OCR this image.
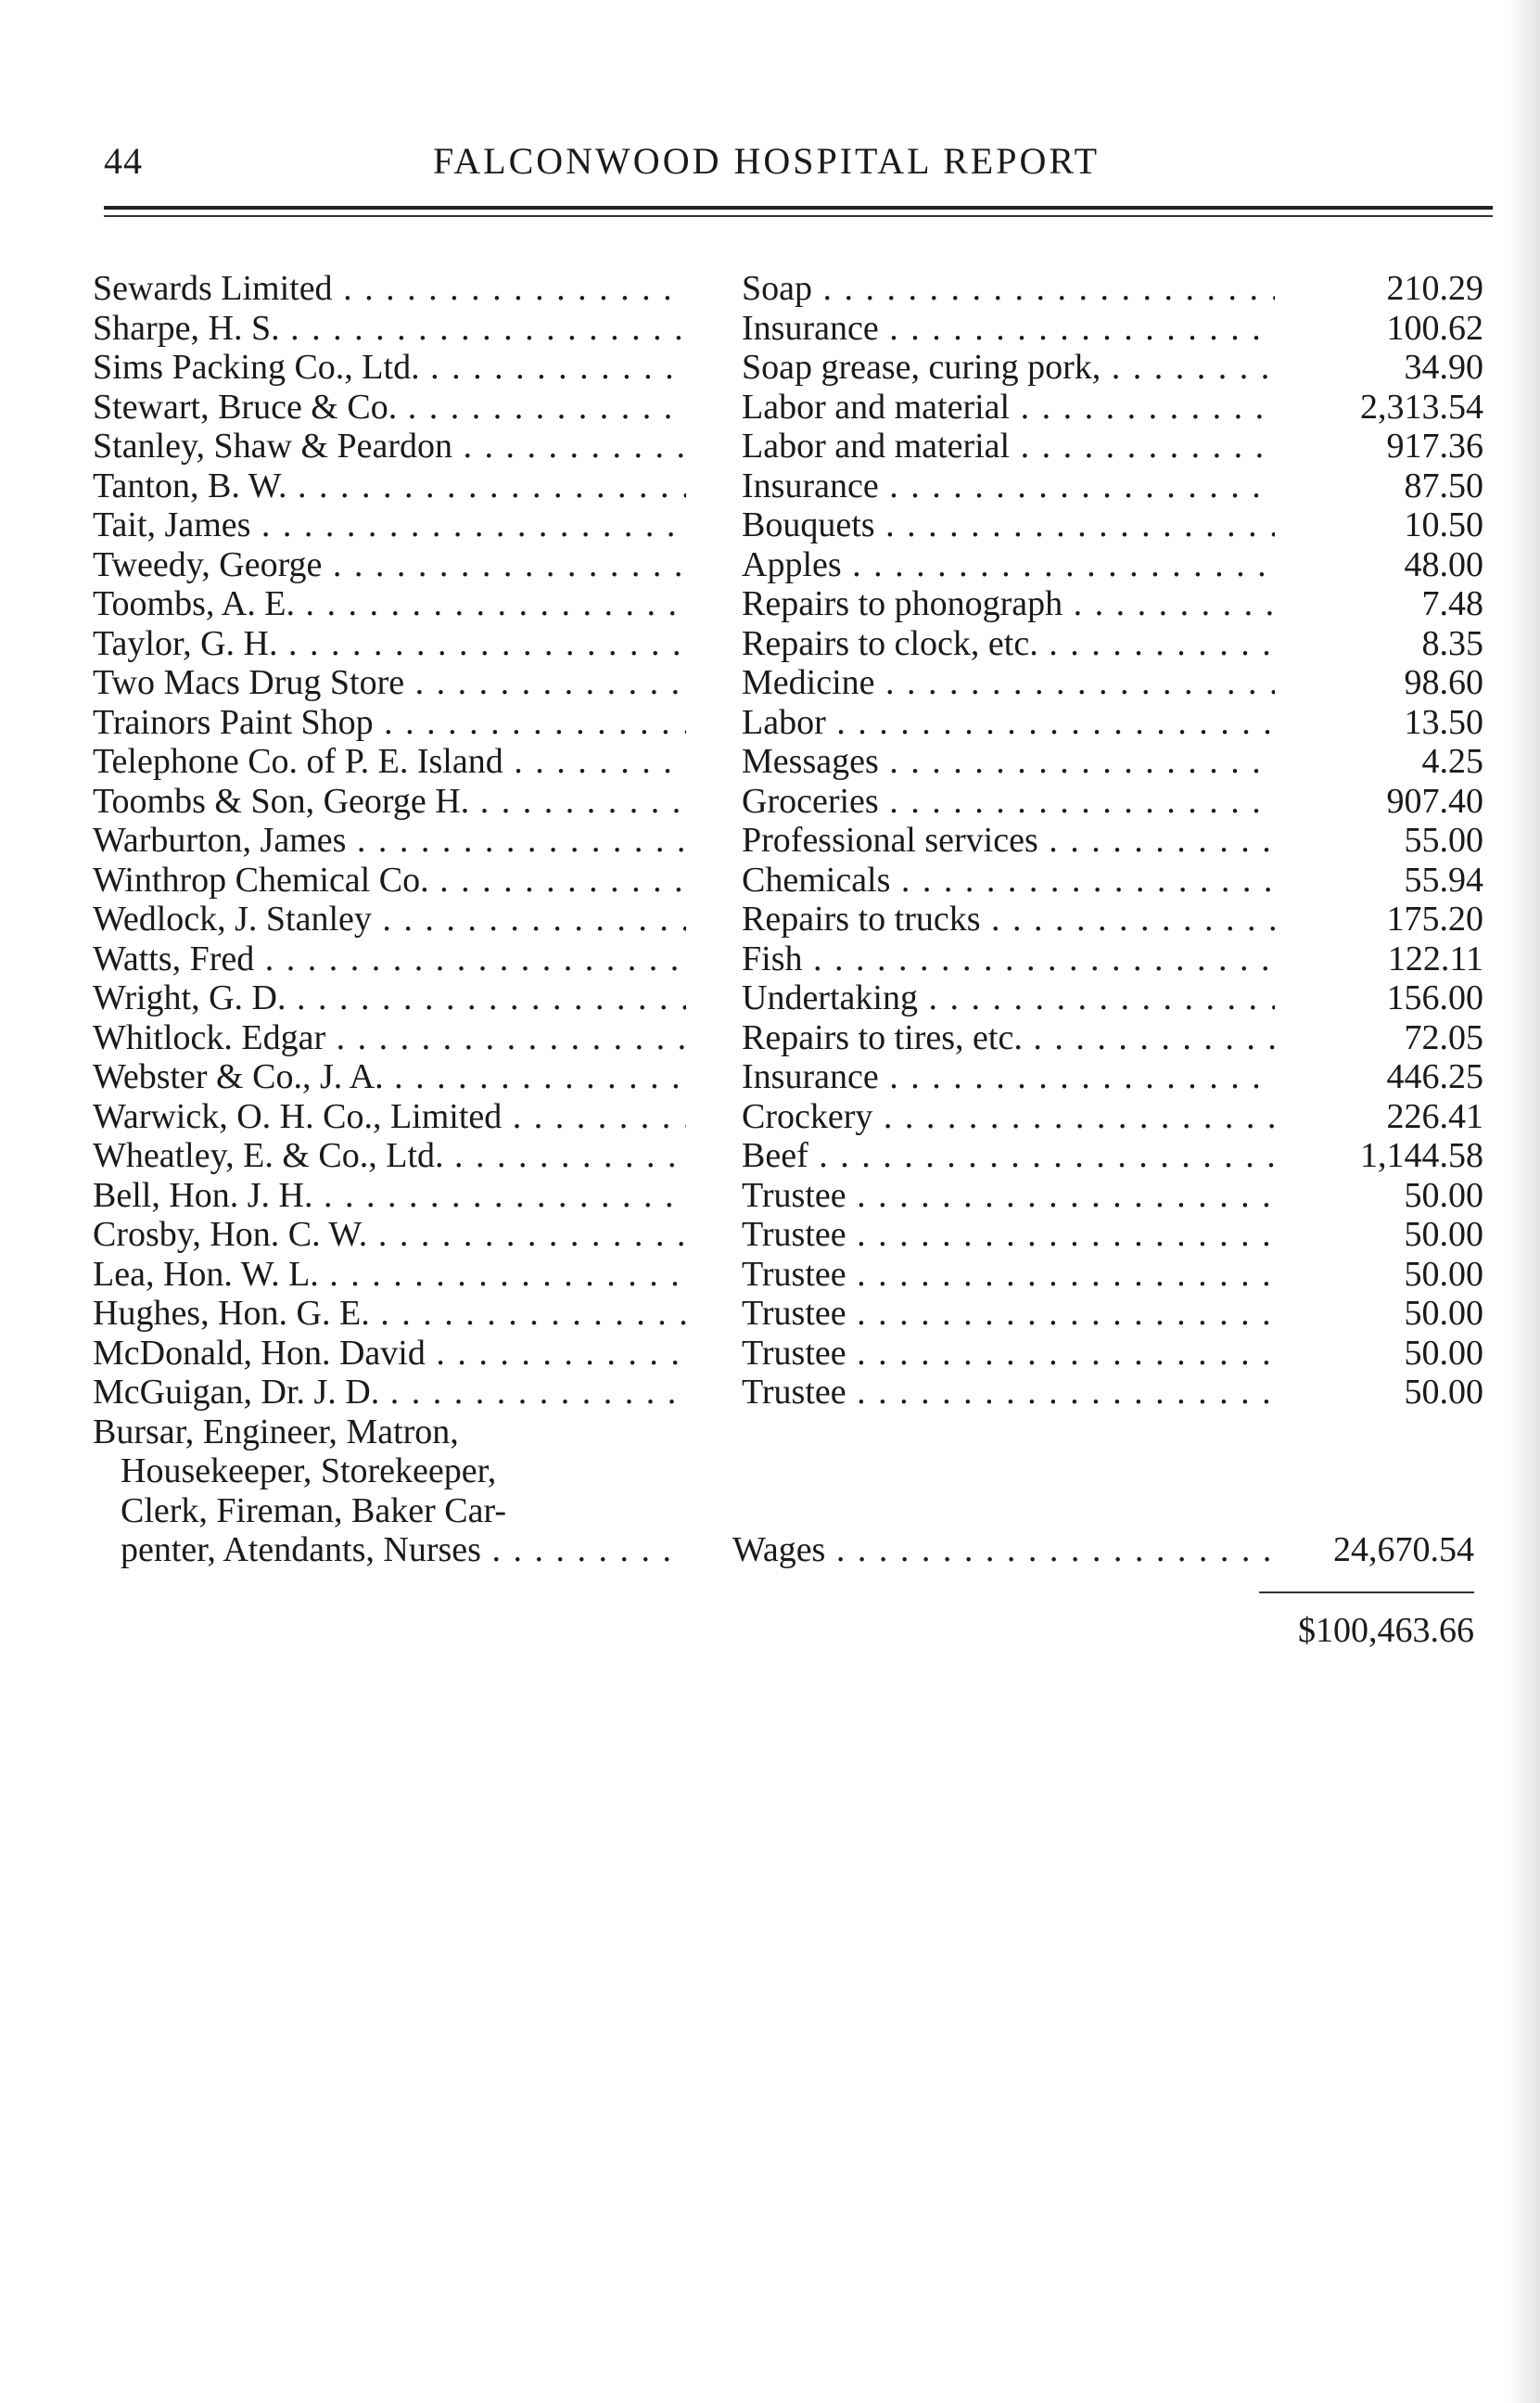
44	FALCONWOOD HOSPITAL REPORT
Sewards Limited . . .	Soap . . .	210.29
Sharpe, H. S. . . .	Insurance . . .	100.62
Sims Packing Co., Ltd. . . .	Soap grease, curing pork, . . .	34.90
Stewart, Bruce & Co. . . .	Labor and material . . .	2,313.54
Stanley, Shaw & Peardon . . .	Labor and material . . .	917.36
Tanton, B. W. . . .	Insurance . . .	87.50
Tait, James . . .	Bouquets . . .	10.50
Tweedy, George . . .	Apples . . .	48.00
Toombs, A. E. . . .	Repairs to phonograph . . .	7.48
Taylor, G. H. . . .	Repairs to clock, etc. . . .	8.35
Two Macs Drug Store . . .	Medicine . . .	98.60
Trainors Paint Shop . . .	Labor . . .	13.50
Telephone Co. of P. E. Island . . .	Messages . . .	4.25
Toombs & Son, George H. . . .	Groceries . . .	907.40
Warburton, James . . .	Professional services . . .	55.00
Winthrop Chemical Co. . . .	Chemicals . . .	55.94
Wedlock, J. Stanley . . .	Repairs to trucks . . .	175.20
Watts, Fred . . .	Fish . . .	122.11
Wright, G. D. . . .	Undertaking . . .	156.00
Whitlock. Edgar . . .	Repairs to tires, etc. . . .	72.05
Webster & Co., J. A. . . .	Insurance . . .	446.25
Warwick, O. H. Co., Limited . . .	Crockery . . .	226.41
Wheatley, E. & Co., Ltd. . . .	Beef . . .	1,144.58
Bell, Hon. J. H. . . .	Trustee . . .	50.00
Crosby, Hon. C. W. . . .	Trustee . . .	50.00
Lea, Hon. W. L. . . .	Trustee . . .	50.00
Hughes, Hon. G. E. . . .	Trustee . . .	50.00
McDonald, Hon. David . . .	Trustee . . .	50.00
McGuigan, Dr. J. D. . . .	Trustee . . .	50.00
Bursar, Engineer, Matron,
Housekeeper, Storekeeper,
Clerk, Fireman, Baker Car-
penter, Atendants, Nurses . . .	Wages . . .	24,670.54
$100,463.66
